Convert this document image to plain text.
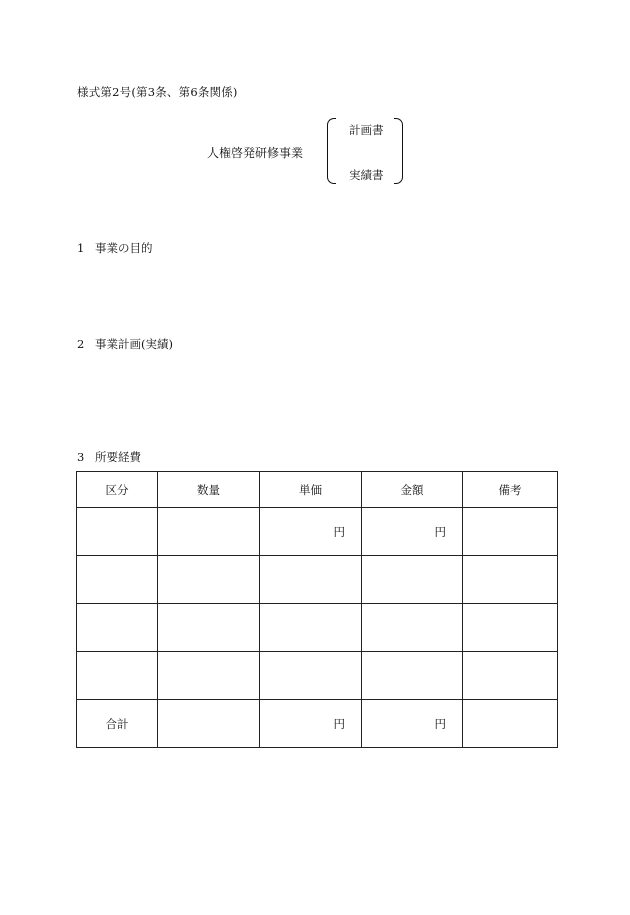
様式第2号(第3条、第6条関係)
人権啓発研修事業
計画書
実績書
1 事業の目的
2 事業計画(実績)
3 所要経費
区分	数量	単価	金額	備考
		円	円	

合計		円	円	
